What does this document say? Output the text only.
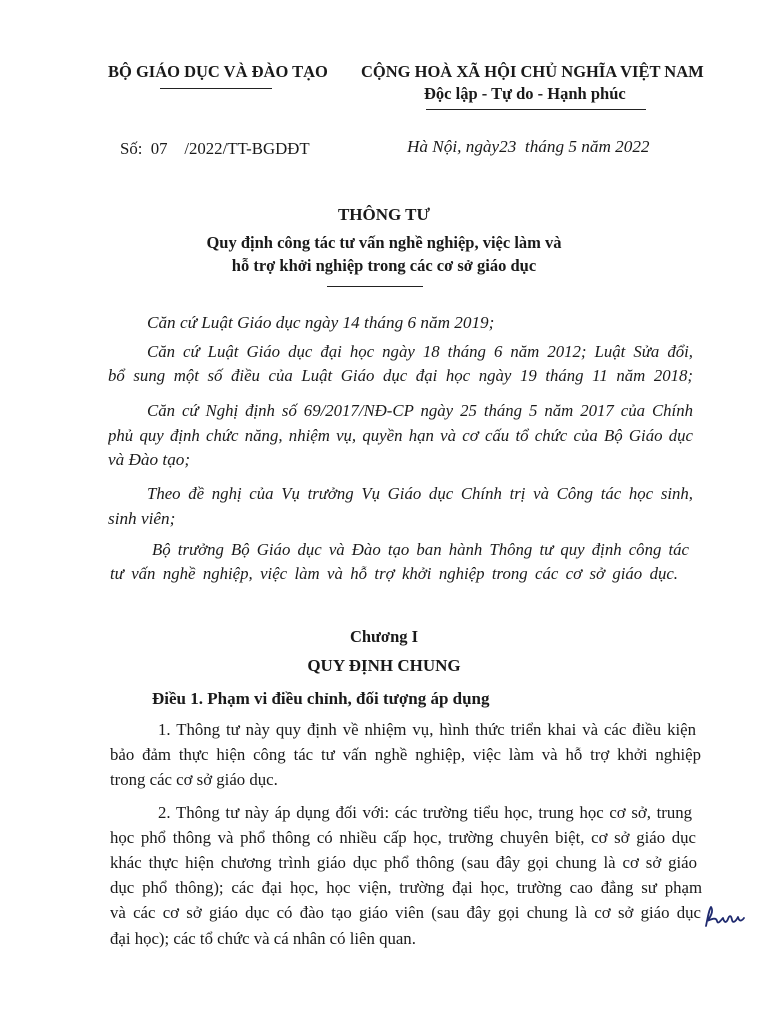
BỘ GIÁO DỤC VÀ ĐÀO TẠO CỘNG HOÀ XÃ HỘI CHỦ NGHĨA VIỆT NAM
Độc lập - Tự do - Hạnh phúc
Số:  07    /2022/TT-BGDĐT	Hà Nội, ngày23  tháng 5 năm 2022
THÔNG TƯ
Quy định công tác tư vấn nghề nghiệp, việc làm và
hỗ trợ khởi nghiệp trong các cơ sở giáo dục
Căn cứ Luật Giáo dục ngày 14 tháng 6 năm 2019;
Căn cứ Luật Giáo dục đại học ngày 18 tháng 6 năm 2012; Luật Sửa đổi,
bổ sung một số điều của Luật Giáo dục đại học ngày 19 tháng 11 năm 2018;
Căn cứ Nghị định số 69/2017/NĐ-CP ngày 25 tháng 5 năm 2017 của Chính
phủ quy định chức năng, nhiệm vụ, quyền hạn và cơ cấu tổ chức của Bộ Giáo dục
và Đào tạo;
Theo đề nghị của Vụ trưởng Vụ Giáo dục Chính trị và Công tác học sinh,
sinh viên;
Bộ trưởng Bộ Giáo dục và Đào tạo ban hành Thông tư quy định công tác
tư vấn nghề nghiệp, việc làm và hỗ trợ khởi nghiệp trong các cơ sở giáo dục.
Chương I
QUY ĐỊNH CHUNG
Điều 1. Phạm vi điều chỉnh, đối tượng áp dụng
1. Thông tư này quy định về nhiệm vụ, hình thức triển khai và các điều kiện
bảo đảm thực hiện công tác tư vấn nghề nghiệp, việc làm và hỗ trợ khởi nghiệp
trong các cơ sở giáo dục.
2. Thông tư này áp dụng đối với: các trường tiểu học, trung học cơ sở, trung
học phổ thông và phổ thông có nhiều cấp học, trường chuyên biệt, cơ sở giáo dục
khác thực hiện chương trình giáo dục phổ thông (sau đây gọi chung là cơ sở giáo
dục phổ thông); các đại học, học viện, trường đại học, trường cao đẳng sư phạm
và các cơ sở giáo dục có đào tạo giáo viên (sau đây gọi chung là cơ sở giáo dục
đại học); các tổ chức và cá nhân có liên quan.
